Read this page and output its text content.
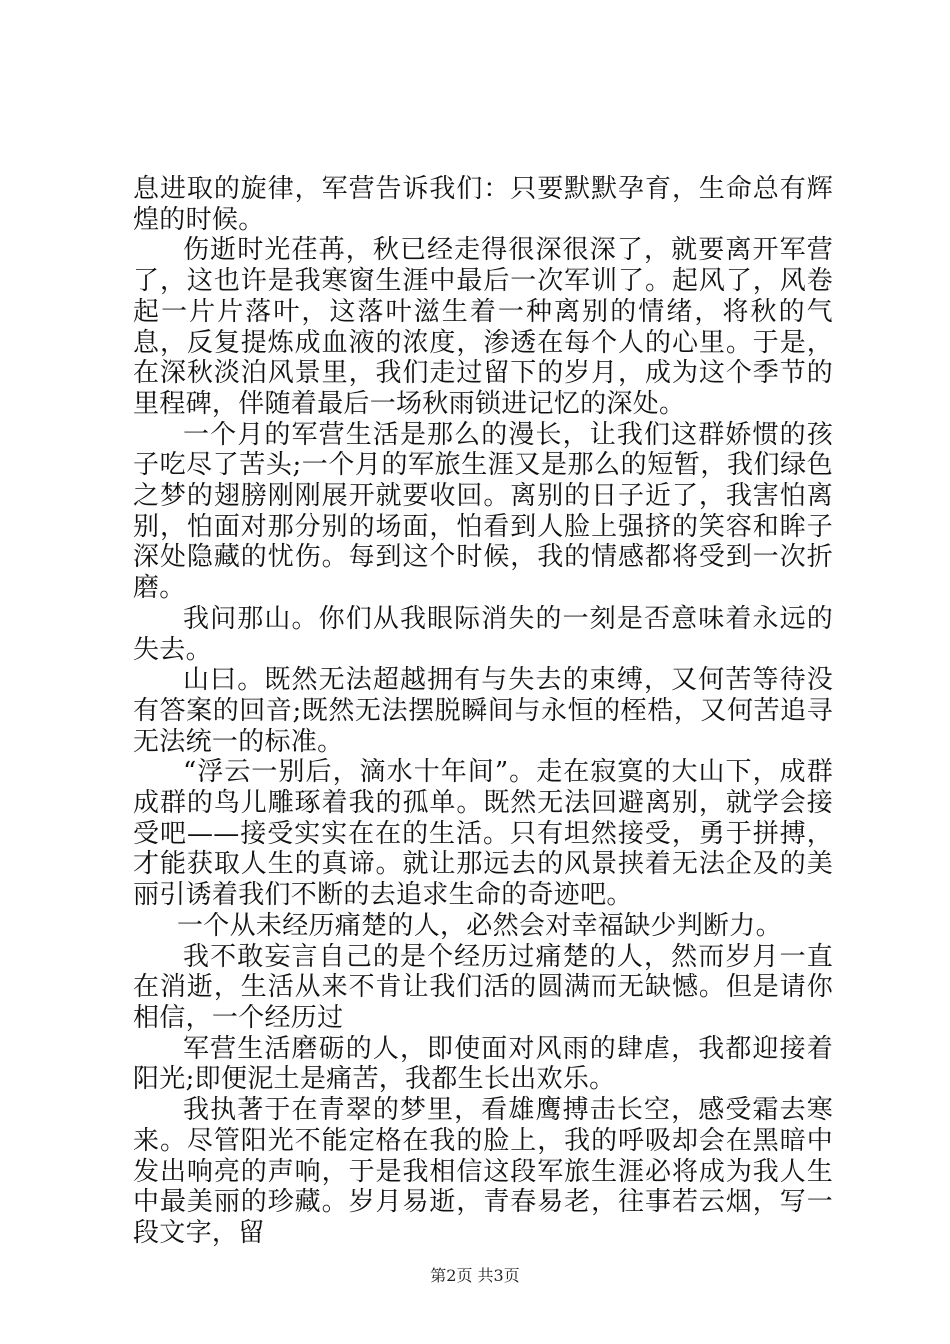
息进取的旋律，军营告诉我们：只要默默孕育，生命总有辉煌的时候。

伤逝时光荏苒，秋已经走得很深很深了，就要离开军营了，这也许是我寒窗生涯中最后一次军训了。起风了，风卷起一片片落叶，这落叶滋生着一种离别的情绪，将秋的气息，反复提炼成血液的浓度，渗透在每个人的心里。于是，在深秋淡泊风景里，我们走过留下的岁月，成为这个季节的里程碑，伴随着最后一场秋雨锁进记忆的深处。

一个月的军营生活是那么的漫长，让我们这群娇惯的孩子吃尽了苦头;一个月的军旅生涯又是那么的短暂，我们绿色之梦的翅膀刚刚展开就要收回。离别的日子近了，我害怕离别，怕面对那分别的场面，怕看到人脸上强挤的笑容和眸子深处隐藏的忧伤。每到这个时候，我的情感都将受到一次折磨。

我问那山。你们从我眼际消失的一刻是否意味着永远的失去。

山曰。既然无法超越拥有与失去的束缚，又何苦等待没有答案的回音;既然无法摆脱瞬间与永恒的桎梏，又何苦追寻无法统一的标准。

“浮云一别后，滴水十年间”。走在寂寞的大山下，成群成群的鸟儿雕琢着我的孤单。既然无法回避离别，就学会接受吧——接受实实在在的生活。只有坦然接受，勇于拼搏，才能获取人生的真谛。就让那远去的风景挟着无法企及的美丽引诱着我们不断的去追求生命的奇迹吧。

一个从未经历痛楚的人，必然会对幸福缺少判断力。

我不敢妄言自己的是个经历过痛楚的人，然而岁月一直在消逝，生活从来不肯让我们活的圆满而无缺憾。但是请你相信，一个经历过

军营生活磨砺的人，即使面对风雨的肆虐，我都迎接着阳光;即便泥土是痛苦，我都生长出欢乐。

我执著于在青翠的梦里，看雄鹰搏击长空，感受霜去寒来。尽管阳光不能定格在我的脸上，我的呼吸却会在黑暗中发出响亮的声响，于是我相信这段军旅生涯必将成为我人生中最美丽的珍藏。岁月易逝，青春易老，往事若云烟，写一段文字，留

第2页 共3页
